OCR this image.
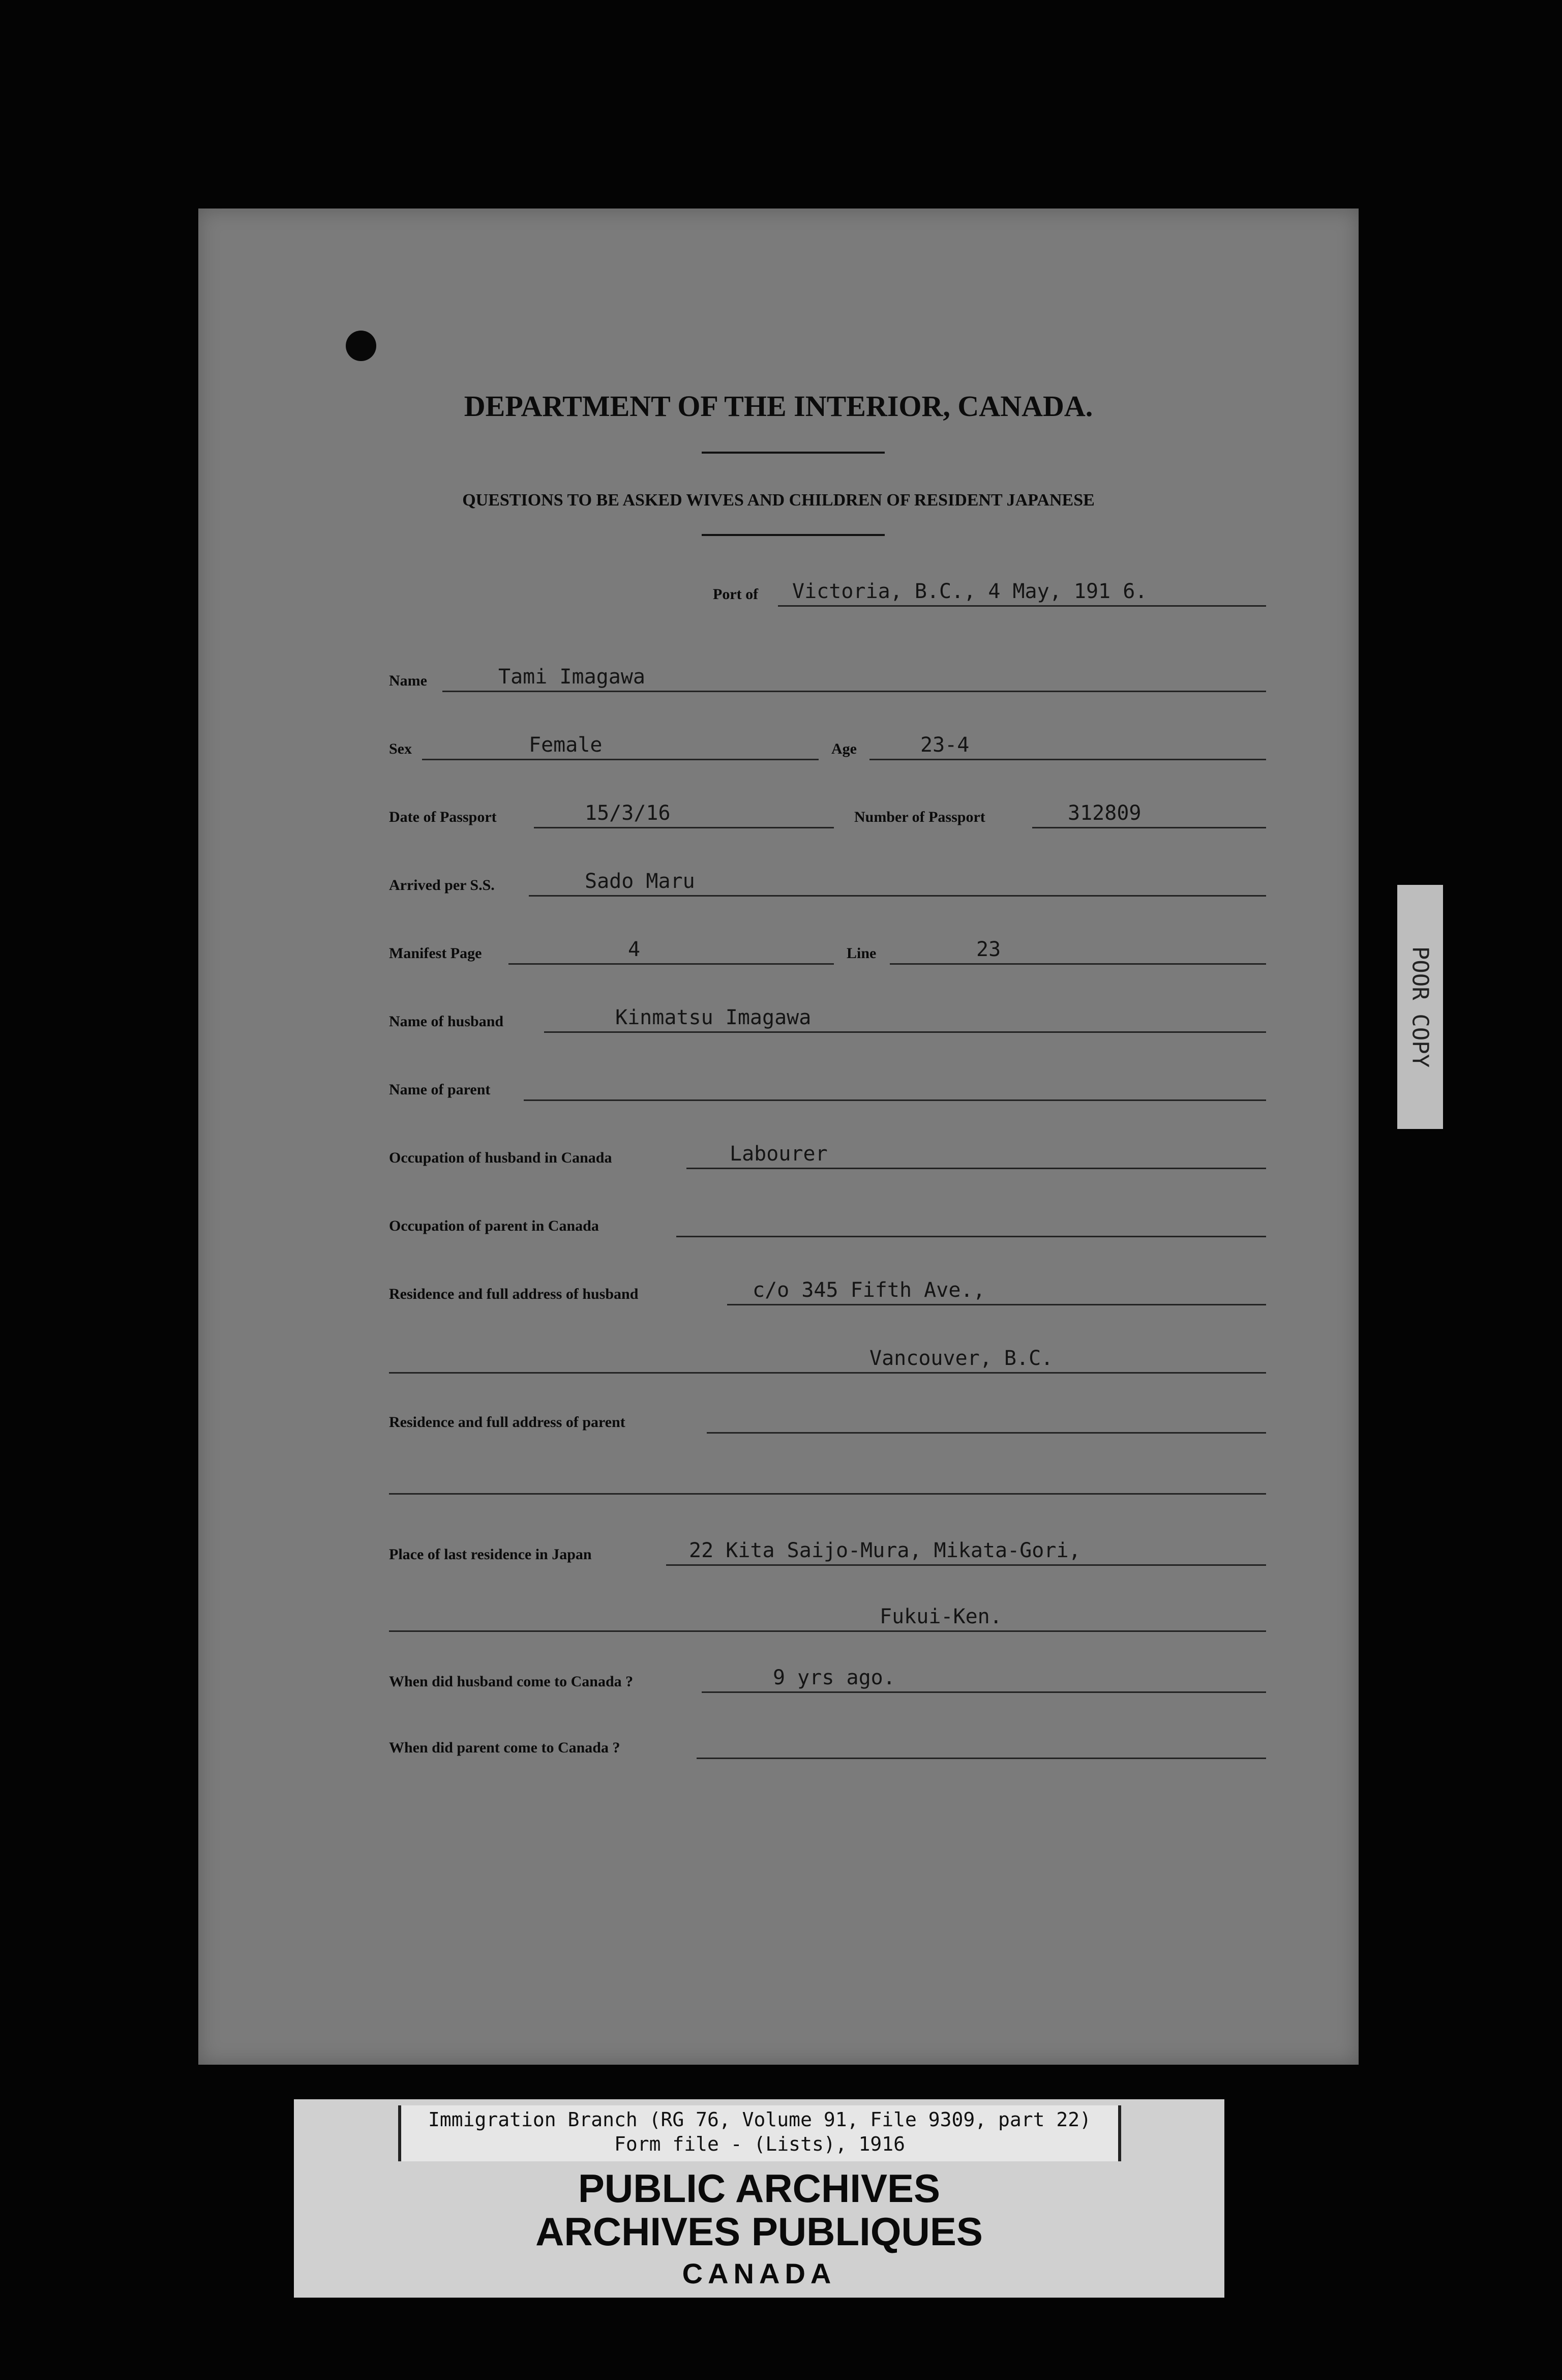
DEPARTMENT OF THE INTERIOR, CANADA.
QUESTIONS TO BE ASKED WIVES AND CHILDREN OF RESIDENT JAPANESE
Port of Victoria, B.C., 4 May, 191 6.
Name	Tami Imagawa
Sex	Female	Age	23-4
Date of Passport	15/3/16	Number of Passport	312809
Arrived per S.S.	Sado Maru
Manifest Page	4	Line	23
Name of husband	Kinmatsu Imagawa
Name of parent
Occupation of husband in Canada	Labourer
Occupation of parent in Canada
Residence and full address of husband	c/o 345 Fifth Ave.,
Vancouver, B.C.
Residence and full address of parent
Place of last residence in Japan	22 Kita Saijo-Mura, Mikata-Gori,
Fukui-Ken.
When did husband come to Canada ?	9 yrs ago.
When did parent come to Canada ?
POOR COPY
Immigration Branch (RG 76, Volume 91, File 9309, part 22)
Form file - (Lists), 1916
PUBLIC ARCHIVES
ARCHIVES PUBLIQUES
CANADA
